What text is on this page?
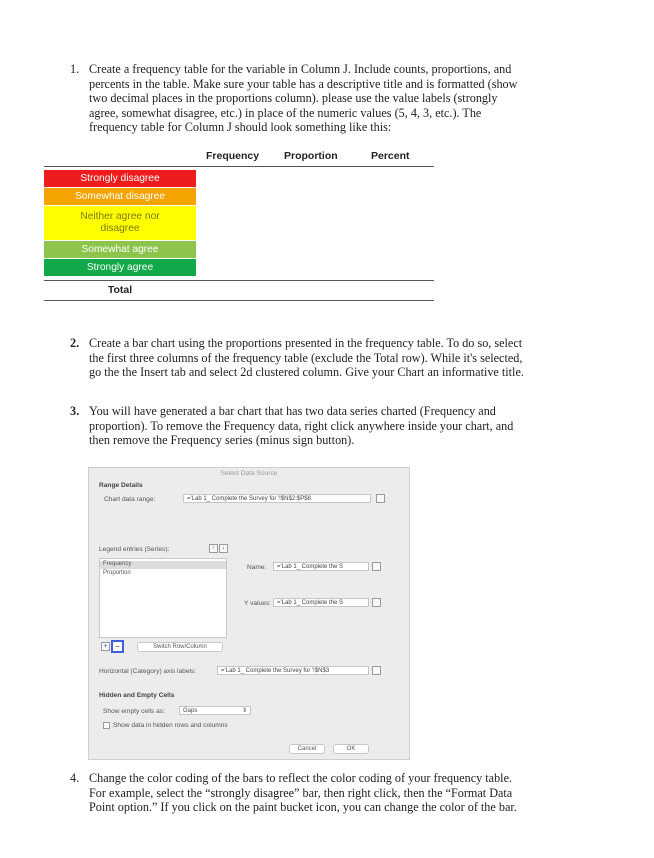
1. Create a frequency table for the variable in Column J. Include counts, proportions, and
percents in the table. Make sure your table has a descriptive title and is formatted (show
two decimal places in the proportions column). please use the value labels (strongly
agree, somewhat disagree, etc.) in place of the numeric values (5, 4, 3, etc.). The
frequency table for Column J should look something like this:
Frequency Proportion	Percent
Strongly disagree
Somewhat disagree
Neither agree nor disagree
Somewhat agree
Strongly agree
Total
2. Create a bar chart using the proportions presented in the frequency table. To do so, select
the first three columns of the frequency table (exclude the Total row). While it's selected,
go the the Insert tab and select 2d clustered column. Give your Chart an informative title.
3. You will have generated a bar chart that has two data series charted (Frequency and
proportion). To remove the Frequency data, right click anywhere inside your chart, and
then remove the Frequency series (minus sign button).
Select Data Source
Range Details
Chart data range:	='Lab 1_ Complete the Survey for '!$N$2:$P$8
Legend entries (Series):	↑	↓
Frequency
Proportion
Name:	='Lab 1_ Complete the S
Y values: ='Lab 1_ Complete the S
+ −	Switch Row/Column
Horizontal (Category) axis labels:	='Lab 1_ Complete the Survey for '!$N$3
Hidden and Empty Cells
Show empty cells as:	Gaps	⇕
Show data in hidden rows and columns
Cancel	OK
4. Change the color coding of the bars to reflect the color coding of your frequency table.
For example, select the “strongly disagree” bar, then right click, then the “Format Data
Point option.” If you click on the paint bucket icon, you can change the color of the bar.
